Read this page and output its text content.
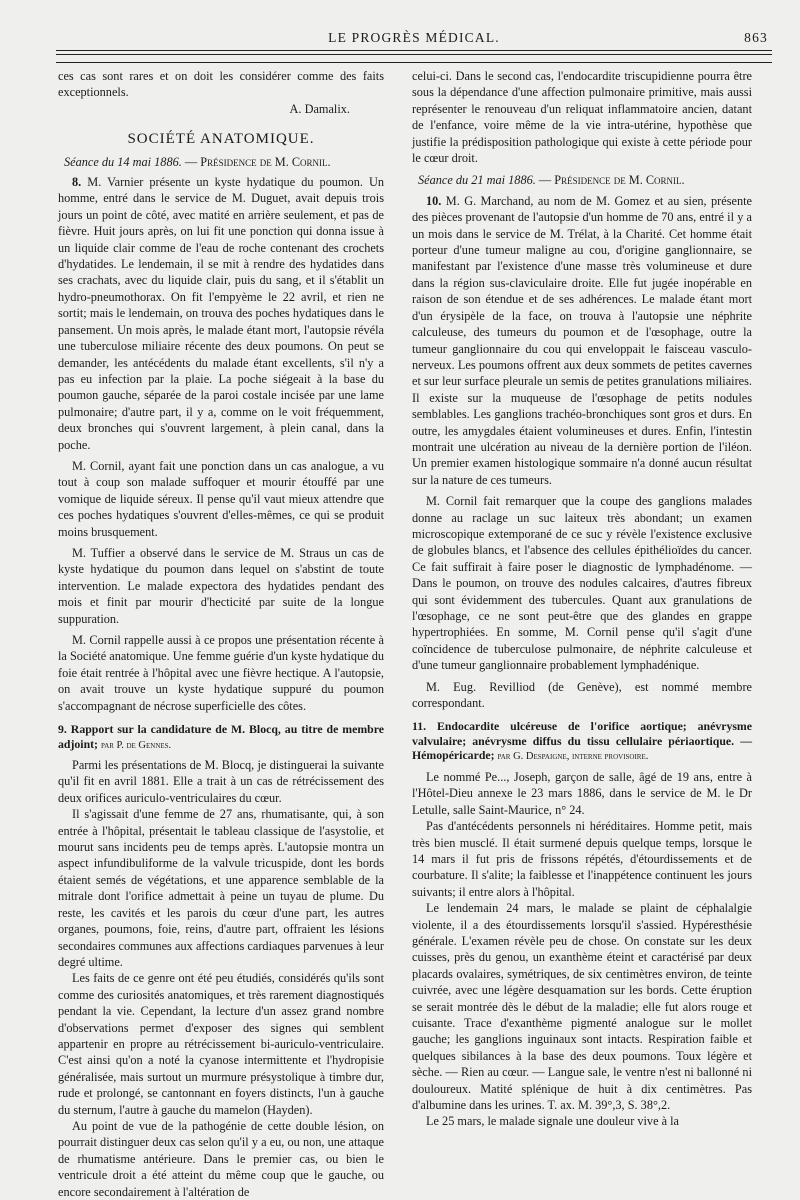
LE PROGRÈS MÉDICAL.	863

ces cas sont rares et on doit les considérer comme des faits exceptionnels.

A. Damalix.

SOCIÉTÉ ANATOMIQUE.

Séance du 14 mai 1886. — Présidence de M. Cornil.

8. M. Varnier présente un kyste hydatique du poumon. Un homme, entré dans le service de M. Duguet, avait depuis trois jours un point de côté, avec matité en arrière seulement, et pas de fièvre. Huit jours après, on lui fit une ponction qui donna issue à un liquide clair comme de l'eau de roche contenant des crochets d'hydatides. Le lendemain, il se mit à rendre des hydatides dans ses crachats, avec du liquide clair, puis du sang, et il s'établit un hydro-pneumothorax. On fit l'empyème le 22 avril, et rien ne sortit; mais le lendemain, on trouva des poches hydatiques dans le pansement. Un mois après, le malade étant mort, l'autopsie révéla une tuberculose miliaire récente des deux poumons. On peut se demander, les antécédents du malade étant excellents, s'il n'y a pas eu infection par la plaie. La poche siégeait à la base du poumon gauche, séparée de la paroi costale incisée par une lame pulmonaire; d'autre part, il y a, comme on le voit fréquemment, deux bronches qui s'ouvrent largement, à plein canal, dans la poche.

M. Cornil, ayant fait une ponction dans un cas analogue, a vu tout à coup son malade suffoquer et mourir étouffé par une vomique de liquide séreux. Il pense qu'il vaut mieux attendre que ces poches hydatiques s'ouvrent d'elles-mêmes, ce qui se produit moins brusquement.

M. Tuffier a observé dans le service de M. Straus un cas de kyste hydatique du poumon dans lequel on s'abstint de toute intervention. Le malade expectora des hydatides pendant des mois et finit par mourir d'hecticité par suite de la longue suppuration.

M. Cornil rappelle aussi à ce propos une présentation récente à la Société anatomique. Une femme guérie d'un kyste hydatique du foie était rentrée à l'hôpital avec une fièvre hectique. A l'autopsie, on avait trouve un kyste hydatique suppuré du poumon s'accompagnant de nécrose superficielle des côtes.

9. Rapport sur la candidature de M. Blocq, au titre de membre adjoint; par P. de Gennes.

Parmi les présentations de M. Blocq, je distinguerai la suivante qu'il fit en avril 1881. Elle a trait à un cas de rétrécissement des deux orifices auriculo-ventriculaires du cœur.

Il s'agissait d'une femme de 27 ans, rhumatisante, qui, à son entrée à l'hôpital, présentait le tableau classique de l'asystolie, et mourut sans incidents peu de temps après. L'autopsie montra un aspect infundibuliforme de la valvule tricuspide, dont les bords étaient semés de végétations, et une apparence semblable de la mitrale dont l'orifice admettait à peine un tuyau de plume. Du reste, les cavités et les parois du cœur d'une part, les autres organes, poumons, foie, reins, d'autre part, offraient les lésions secondaires communes aux affections cardiaques parvenues à leur degré ultime.

Les faits de ce genre ont été peu étudiés, considérés qu'ils sont comme des curiosités anatomiques, et très rarement diagnostiqués pendant la vie. Cependant, la lecture d'un assez grand nombre d'observations permet d'exposer des signes qui semblent appartenir en propre au rétrécissement bi-auriculo-ventriculaire. C'est ainsi qu'on a noté la cyanose intermittente et l'hydropisie généralisée, mais surtout un murmure présystolique à timbre dur, rude et prolongé, se cantonnant en foyers distincts, l'un à gauche du sternum, l'autre à gauche du mamelon (Hayden).

Au point de vue de la pathogénie de cette double lésion, on pourrait distinguer deux cas selon qu'il y a eu, ou non, une attaque de rhumatisme antérieure. Dans le premier cas, ou bien le ventricule droit a été atteint du même coup que le gauche, ou encore secondairement à l'altération de

celui-ci. Dans le second cas, l'endocardite triscupidienne pourra être sous la dépendance d'une affection pulmonaire primitive, mais aussi représenter le renouveau d'un reliquat inflammatoire ancien, datant de l'enfance, voire même de la vie intra-utérine, hypothèse que justifie la prédisposition pathologique qui existe à cette période pour le cœur droit.

Séance du 21 mai 1886. — Présidence de M. Cornil.

10. M. G. Marchand, au nom de M. Gomez et au sien, présente des pièces provenant de l'autopsie d'un homme de 70 ans, entré il y a un mois dans le service de M. Trélat, à la Charité. Cet homme était porteur d'une tumeur maligne au cou, d'origine ganglionnaire, se manifestant par l'existence d'une masse très volumineuse et dure dans la région sus-claviculaire droite. Elle fut jugée inopérable en raison de son étendue et de ses adhérences. Le malade étant mort d'un érysipèle de la face, on trouva à l'autopsie une néphrite calculeuse, des tumeurs du poumon et de l'œsophage, outre la tumeur ganglionnaire du cou qui enveloppait le faisceau vasculo-nerveux. Les poumons offrent aux deux sommets de petites cavernes et sur leur surface pleurale un semis de petites granulations miliaires. Il existe sur la muqueuse de l'œsophage de petits nodules semblables. Les ganglions trachéo-bronchiques sont gros et durs. En outre, les amygdales étaient volumineuses et dures. Enfin, l'intestin montrait une ulcération au niveau de la dernière portion de l'iléon. Un premier examen histologique sommaire n'a donné aucun résultat sur la nature de ces tumeurs.

M. Cornil fait remarquer que la coupe des ganglions malades donne au raclage un suc laiteux très abondant; un examen microscopique extemporané de ce suc y révèle l'existence exclusive de globules blancs, et l'absence des cellules épithélioïdes du cancer. Ce fait suffirait à faire poser le diagnostic de lymphadénome. — Dans le poumon, on trouve des nodules calcaires, d'autres fibreux qui sont évidemment des tubercules. Quant aux granulations de l'œsophage, ce ne sont peut-être que des glandes en grappe hypertrophiées. En somme, M. Cornil pense qu'il s'agit d'une coïncidence de tuberculose pulmonaire, de néphrite calculeuse et d'une tumeur ganglionnaire probablement lymphadénique.

M. Eug. Revilliod (de Genève), est nommé membre correspondant.

11. Endocardite ulcéreuse de l'orifice aortique; anévrysme valvulaire; anévrysme diffus du tissu cellulaire périaortique. — Hémopéricarde; par G. Despaigne, interne provisoire.

Le nommé Pe..., Joseph, garçon de salle, âgé de 19 ans, entre à l'Hôtel-Dieu annexe le 23 mars 1886, dans le service de M. le Dr Letulle, salle Saint-Maurice, n° 24.

Pas d'antécédents personnels ni héréditaires. Homme petit, mais très bien musclé. Il était surmené depuis quelque temps, lorsque le 14 mars il fut pris de frissons répétés, d'étourdissements et de courbature. Il s'alite; la faiblesse et l'inappétence continuent les jours suivants; il entre alors à l'hôpital.

Le lendemain 24 mars, le malade se plaint de céphalalgie violente, il a des étourdissements lorsqu'il s'assied. Hypéresthésie générale. L'examen révèle peu de chose. On constate sur les deux cuisses, près du genou, un exanthème éteint et caractérisé par deux placards ovalaires, symétriques, de six centimètres environ, de teinte cuivrée, avec une légère desquamation sur les bords. Cette éruption se serait montrée dès le début de la maladie; elle fut alors rouge et cuisante. Trace d'exanthème pigmenté analogue sur le mollet gauche; les ganglions inguinaux sont intacts. Respiration faible et quelques sibilances à la base des deux poumons. Toux légère et sèche. — Rien au cœur. — Langue sale, le ventre n'est ni ballonné ni douloureux. Matité splénique de huit à dix centimètres. Pas d'albumine dans les urines. T. ax. M. 39°,3, S. 38°,2.

Le 25 mars, le malade signale une douleur vive à la
